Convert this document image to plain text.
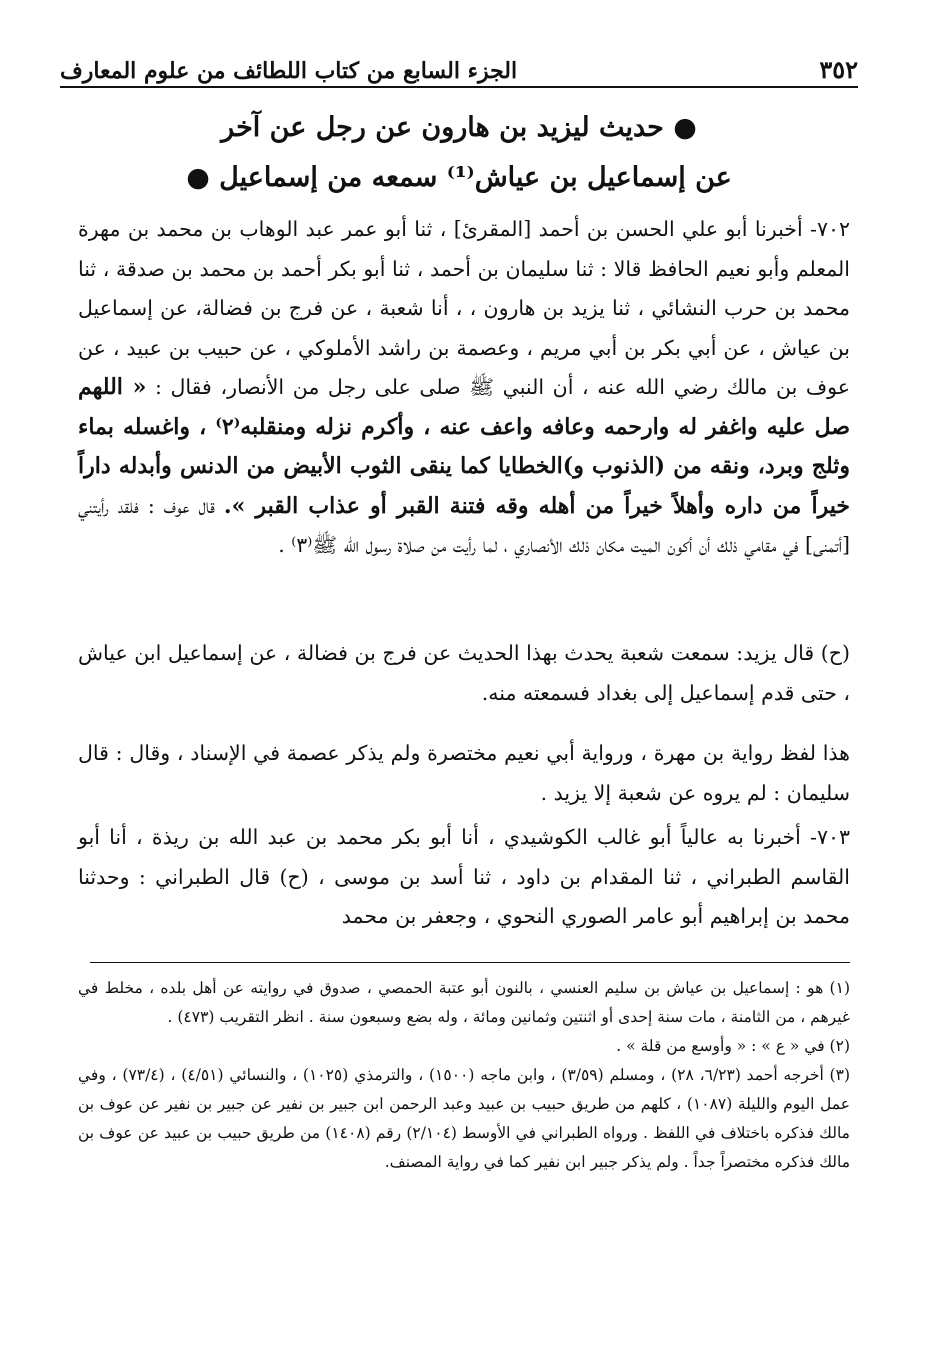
٣٥٢
الجزء السابع من كتاب اللطائف من علوم المعارف
● حديث ليزيد بن هارون عن رجل عن آخر
عن إسماعيل بن عياش⁽¹⁾ سمعه من إسماعيل ●
٧٠٢- أخبرنا أبو علي الحسن بن أحمد [المقرئ] ، ثنا أبو عمر عبد الوهاب بن محمد بن مهرة المعلم وأبو نعيم الحافظ قالا : ثنا سليمان بن أحمد ، ثنا أبو بكر أحمد بن محمد بن صدقة ، ثنا محمد بن حرب النشائي ، ثنا يزيد بن هارون ، ، أنا شعبة ، عن فرج بن فضالة، عن إسماعيل بن عياش ، عن أبي بكر بن أبي مريم ، وعصمة بن راشد الأملوكي ، عن حبيب بن عبيد ، عن عوف بن مالك رضي الله عنه ، أن النبي ﷺ صلى على رجل من الأنصار، فقال : « اللهم صل عليه واغفر له وارحمه وعافه واعف عنه ، وأكرم نزله ومنقلبه⁽٢⁾ ، واغسله بماء وثلج وبرد، ونقه من (الذنوب و)الخطايا كما ينقى الثوب الأبيض من الدنس وأبدله داراً خيراً من داره وأهلاً خيراً من أهله وقه فتنة القبر أو عذاب القبر ». قال عوف : فلقد رأيتني [أتمنى] في مقامي ذلك أن أكون الميت مكان ذلك الأنصاري ، لما رأيت من صلاة رسول الله ﷺ⁽٣⁾ .
(ح) قال يزيد: سمعت شعبة يحدث بهذا الحديث عن فرج بن فضالة ، عن إسماعيل ابن عياش ، حتى قدم إسماعيل إلى بغداد فسمعته منه.
هذا لفظ رواية بن مهرة ، ورواية أبي نعيم مختصرة ولم يذكر عصمة في الإسناد ، وقال : قال سليمان : لم يروه عن شعبة إلا يزيد .
٧٠٣- أخبرنا به عالياً أبو غالب الكوشيدي ، أنا أبو بكر محمد بن عبد الله بن ريذة ، أنا أبو القاسم الطبراني ، ثنا المقدام بن داود ، ثنا أسد بن موسى ، (ح) قال الطبراني : وحدثنا محمد بن إبراهيم أبو عامر الصوري النحوي ، وجعفر بن محمد

(١) هو : إسماعيل بن عياش بن سليم العنسي ، بالنون أبو عتبة الحمصي ، صدوق في روايته عن أهل بلده ، مخلط في غيرهم ، من الثامنة ، مات سنة إحدى أو اثنتين وثمانين ومائة ، وله بضع وسبعون سنة . انظر التقريب (٤٧٣) .

(٢) في « ع » : « وأوسع من قلة » .

(٣) أخرجه أحمد (٦/٢٣، ٢٨) ، ومسلم (٣/٥٩) ، وابن ماجه (١٥٠٠) ، والترمذي (١٠٢٥) ، والنسائي (٤/٥١) ، (٧٣/٤) ، وفي عمل اليوم والليلة (١٠٨٧) ، كلهم من طريق حبيب بن عبيد وعبد الرحمن ابن جبير بن نفير عن جبير بن نفير عن عوف بن مالك فذكره باختلاف في اللفظ . ورواه الطبراني في الأوسط (٢/١٠٤) رقم (١٤٠٨) من طريق حبيب بن عبيد عن عوف بن مالك فذكره مختصراً جداً . ولم يذكر جبير ابن نفير كما في رواية المصنف.
